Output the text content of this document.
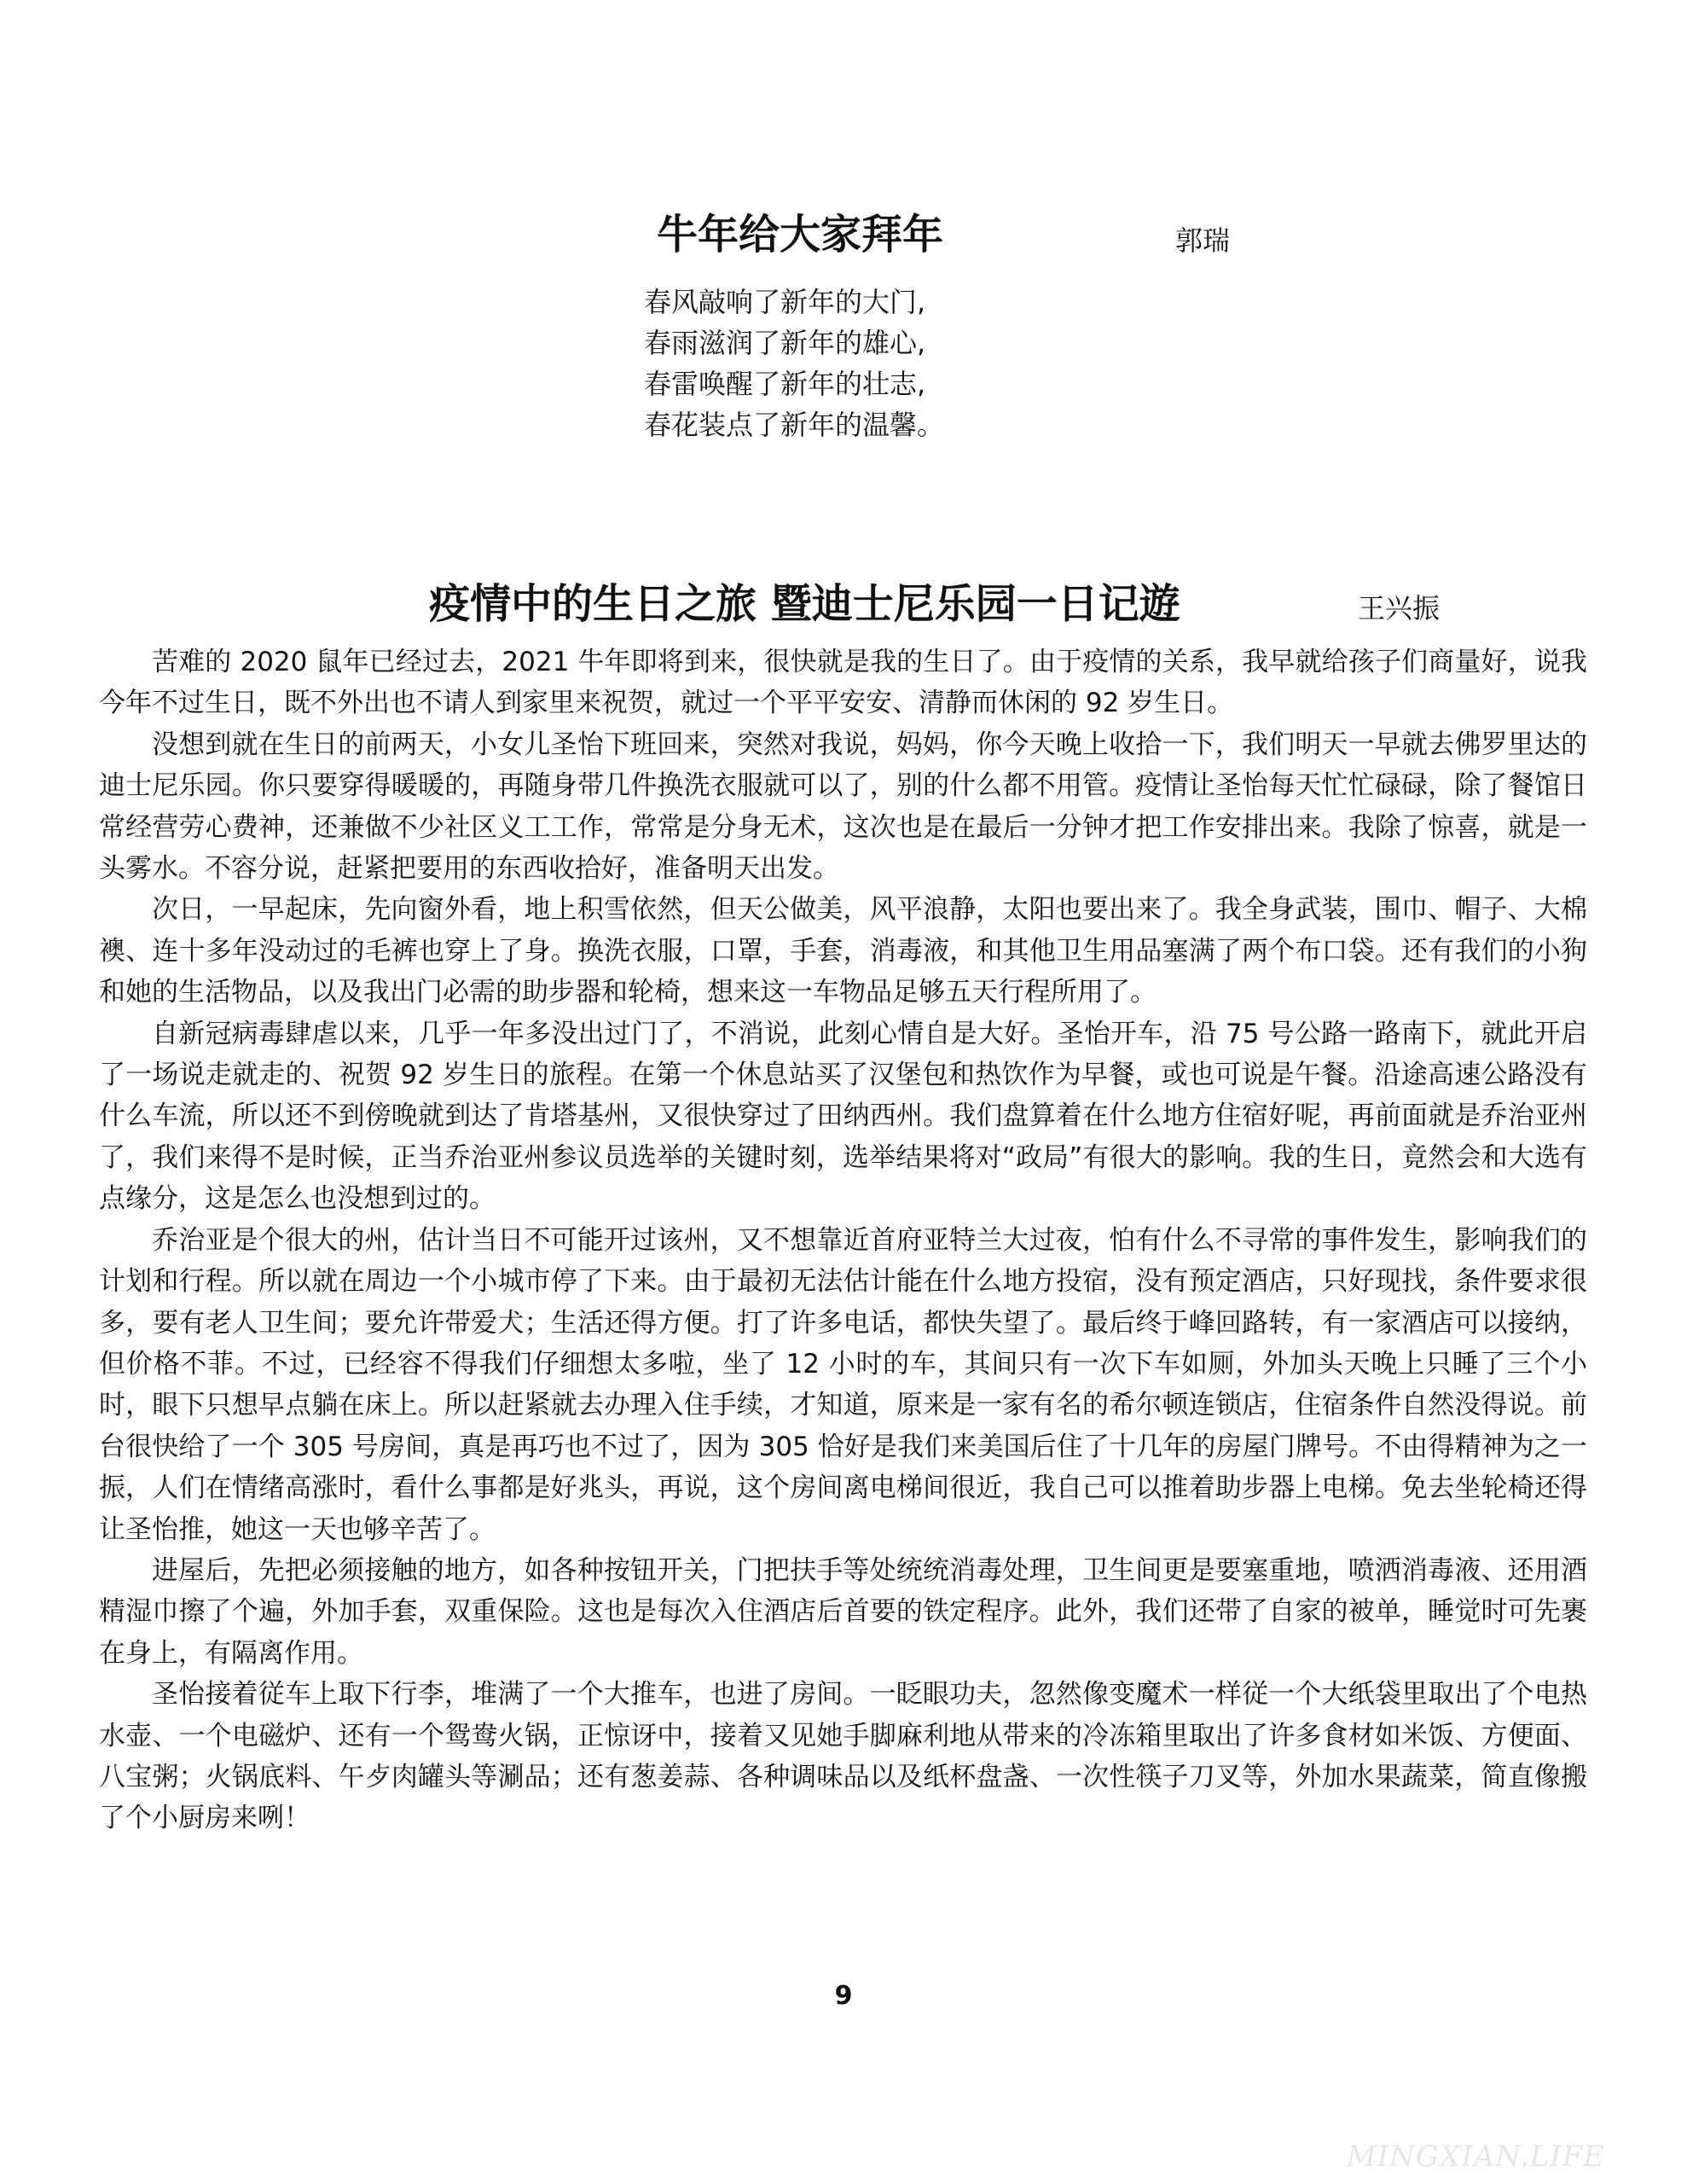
牛年给大家拜年	郭瑞
春风敲响了新年的大门,
春雨滋润了新年的雄心,
春雷唤醒了新年的壮志,
春花装点了新年的温馨。
疫情中的生日之旅 暨迪士尼乐园一日记遊	王兴振

苦难的 2020 鼠年已经过去，2021 牛年即将到来，很快就是我的生日了。由于疫情的关系，我早就给孩子们商量好，说我今年不过生日，既不外出也不请人到家里来祝贺，就过一个平平安安、清静而休闲的 92 岁生日。

没想到就在生日的前两天，小女儿圣怡下班回来，突然对我说，妈妈，你今天晚上收拾一下，我们明天一早就去佛罗里达的迪士尼乐园。你只要穿得暖暖的，再随身带几件换洗衣服就可以了，别的什么都不用管。疫情让圣怡每天忙忙碌碌，除了餐馆日常经营劳心费神，还兼做不少社区义工工作，常常是分身无术，这次也是在最后一分钟才把工作安排出来。我除了惊喜，就是一头雾水。不容分说，赶紧把要用的东西收拾好，准备明天出发。

次日，一早起床，先向窗外看，地上积雪依然，但天公做美，风平浪静，太阳也要出来了。我全身武装，围巾、帽子、大棉襖、连十多年没动过的毛裤也穿上了身。换洗衣服，口罩，手套，消毒液，和其他卫生用品塞满了两个布口袋。还有我们的小狗和她的生活物品，以及我出门必需的助步器和轮椅，想来这一车物品足够五天行程所用了。

自新冠病毒肆虐以来，几乎一年多没出过门了，不消说，此刻心情自是大好。圣怡开车，沿 75 号公路一路南下，就此开启了一场说走就走的、祝贺 92 岁生日的旅程。在第一个休息站买了汉堡包和热饮作为早餐，或也可说是午餐。沿途高速公路没有什么车流，所以还不到傍晚就到达了肯塔基州，又很快穿过了田纳西州。我们盘算着在什么地方住宿好呢，再前面就是乔治亚州了，我们来得不是时候，正当乔治亚州参议员选举的关键时刻，选举结果将对“政局”有很大的影响。我的生日，竟然会和大选有点缘分，这是怎么也没想到过的。

乔治亚是个很大的州，估计当日不可能开过该州，又不想靠近首府亚特兰大过夜，怕有什么不寻常的事件发生，影响我们的计划和行程。所以就在周边一个小城市停了下来。由于最初无法估计能在什么地方投宿，没有预定酒店，只好现找，条件要求很多，要有老人卫生间；要允许带爱犬；生活还得方便。打了许多电话，都快失望了。最后终于峰回路转，有一家酒店可以接纳，但价格不菲。不过，已经容不得我们仔细想太多啦，坐了 12 小时的车，其间只有一次下车如厕，外加头天晚上只睡了三个小时，眼下只想早点躺在床上。所以赶紧就去办理入住手续，才知道，原来是一家有名的希尔顿连锁店，住宿条件自然没得说。前台很快给了一个 305 号房间，真是再巧也不过了，因为 305 恰好是我们来美国后住了十几年的房屋门牌号。不由得精神为之一振，人们在情绪高涨时，看什么事都是好兆头，再说，这个房间离电梯间很近，我自己可以推着助步器上电梯。免去坐轮椅还得让圣怡推，她这一天也够辛苦了。

进屋后，先把必须接触的地方，如各种按钮开关，门把扶手等处统统消毒处理，卫生间更是要塞重地，喷洒消毒液、还用酒精湿巾擦了个遍，外加手套，双重保险。这也是每次入住酒店后首要的铁定程序。此外，我们还带了自家的被单，睡觉时可先裹在身上，有隔离作用。

圣怡接着従车上取下行李，堆满了一个大推车，也进了房间。一眨眼功夫，忽然像变魔术一样従一个大纸袋里取出了个电热水壶、一个电磁炉、还有一个鸳鸯火锅，正惊讶中，接着又见她手脚麻利地从带来的冷冻箱里取出了许多食材如米饭、方便面、八宝粥；火锅底料、午歺肉罐头等涮品；还有葱姜蒜、各种调味品以及纸杯盘盏、一次性筷子刀叉等，外加水果蔬菜，简直像搬了个小厨房来咧！

9
MINGXIAN.LIFE
